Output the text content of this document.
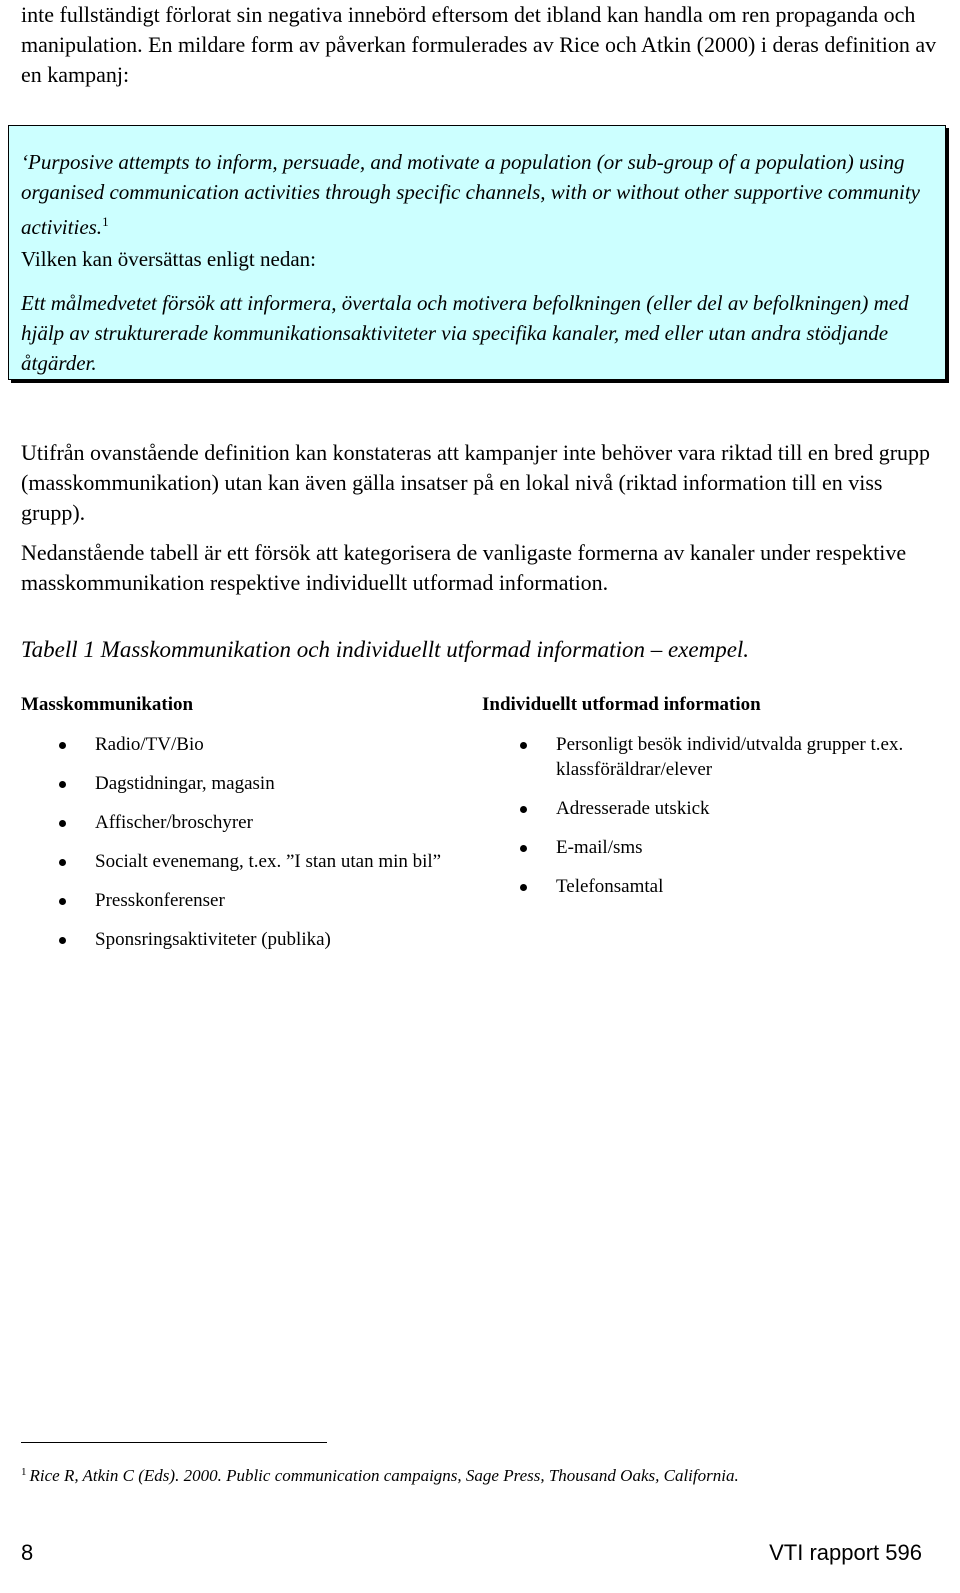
inte fullständigt förlorat sin negativa innebörd eftersom det ibland kan handla om ren propaganda och manipulation. En mildare form av påverkan formulerades av Rice och Atkin (2000) i deras definition av en kampanj:
‘Purposive attempts to inform, persuade, and motivate a population (or sub-group of a population) using organised communication activities through specific channels, with or without other supportive community activities.$^1$
Vilken kan översättas enligt nedan:
Ett målmedvetet försök att informera, övertala och motivera befolkningen (eller del av befolkningen) med hjälp av strukturerade kommunikationsaktiviteter via specifika kanaler, med eller utan andra stödjande åtgärder.
Utifrån ovanstående definition kan konstateras att kampanjer inte behöver vara riktad till en bred grupp (masskommunikation) utan kan även gälla insatser på en lokal nivå (riktad information till en viss grupp).
Nedanstående tabell är ett försök att kategorisera de vanligaste formerna av kanaler under respektive masskommunikation respektive individuellt utformad information.
Tabell 1 Masskommunikation och individuellt utformad information – exempel.
Masskommunikation	Individuellt utformad information
Radio/TV/Bio
Dagstidningar, magasin
Affischer/broschyrer
Socialt evenemang, t.ex. ”I stan utan min bil”
Presskonferenser
Sponsringsaktiviteter (publika)
Personligt besök individ/utvalda grupper t.ex. klassföräldrar/elever
Adresserade utskick
E-mail/sms
Telefonsamtal
$^1$ Rice R, Atkin C (Eds). 2000. Public communication campaigns, Sage Press, Thousand Oaks, California.
8	VTI rapport 596
